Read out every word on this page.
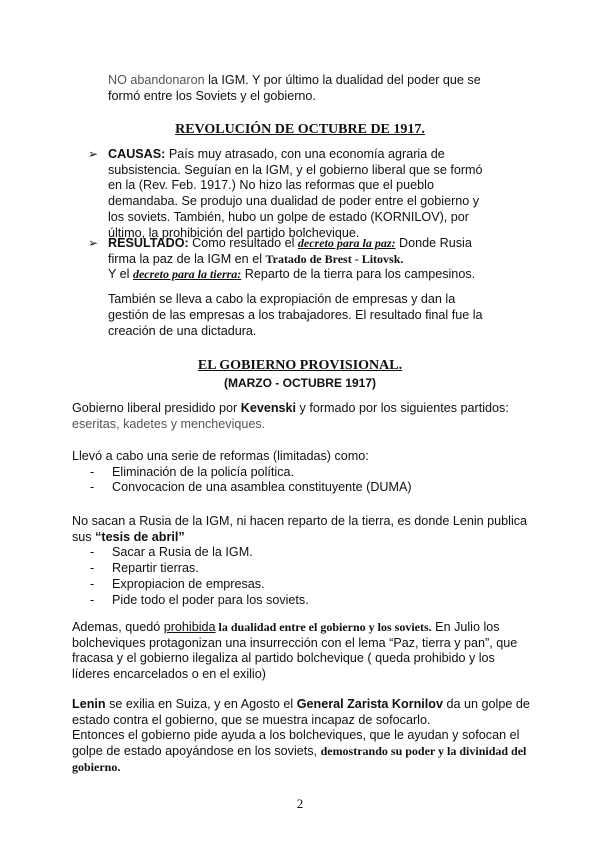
NO abandonaron la IGM. Y por último la dualidad del poder que se formó entre los Soviets y el gobierno.
REVOLUCIÓN DE OCTUBRE DE 1917.
➢ CAUSAS: País muy atrasado, con una economía agraria de subsistencia. Seguían en la IGM, y el gobierno liberal que se formó en la (Rev. Feb. 1917.) No hizo las reformas que el pueblo demandaba. Se produjo una dualidad de poder entre el gobierno y los soviets. También, hubo un golpe de estado (KORNILOV), por último, la prohibición del partido bolchevique.
➢ RESULTADO: Como resultado el decreto para la paz: Donde Rusia firma la paz de la IGM en el Tratado de Brest - Litovsk.
Y el decreto para la tierra: Reparto de la tierra para los campesinos.
También se lleva a cabo la expropiación de empresas y dan la gestión de las empresas a los trabajadores. El resultado final fue la creación de una dictadura.
EL GOBIERNO PROVISIONAL.
(MARZO - OCTUBRE 1917)
Gobierno liberal presidido por Kevenski y formado por los siguientes partidos:
eseritas, kadetes y mencheviques.
Llevó a cabo una serie de reformas (limitadas) como:
- Eliminación de la policía política.
- Convocacion de una asamblea constituyente (DUMA)
No sacan a Rusia de la IGM, ni hacen reparto de la tierra, es donde Lenin publica sus “tesis de abril”
- Sacar a Rusia de la IGM.
- Repartir tierras.
- Expropiacion de empresas.
- Pide todo el poder para los soviets.
Ademas, quedó prohibida la dualidad entre el gobierno y los soviets. En Julio los bolcheviques protagonizan una insurrección con el lema “Paz, tierra y pan”, que fracasa y el gobierno ilegaliza al partido bolchevique ( queda prohibido y los líderes encarcelados o en el exilio)
Lenin se exilia en Suiza, y en Agosto el General Zarista Kornilov da un golpe de estado contra el gobierno, que se muestra incapaz de sofocarlo.
Entonces el gobierno pide ayuda a los bolcheviques, que le ayudan y sofocan el golpe de estado apoyándose en los soviets, demostrando su poder y la divinidad del gobierno.
2
